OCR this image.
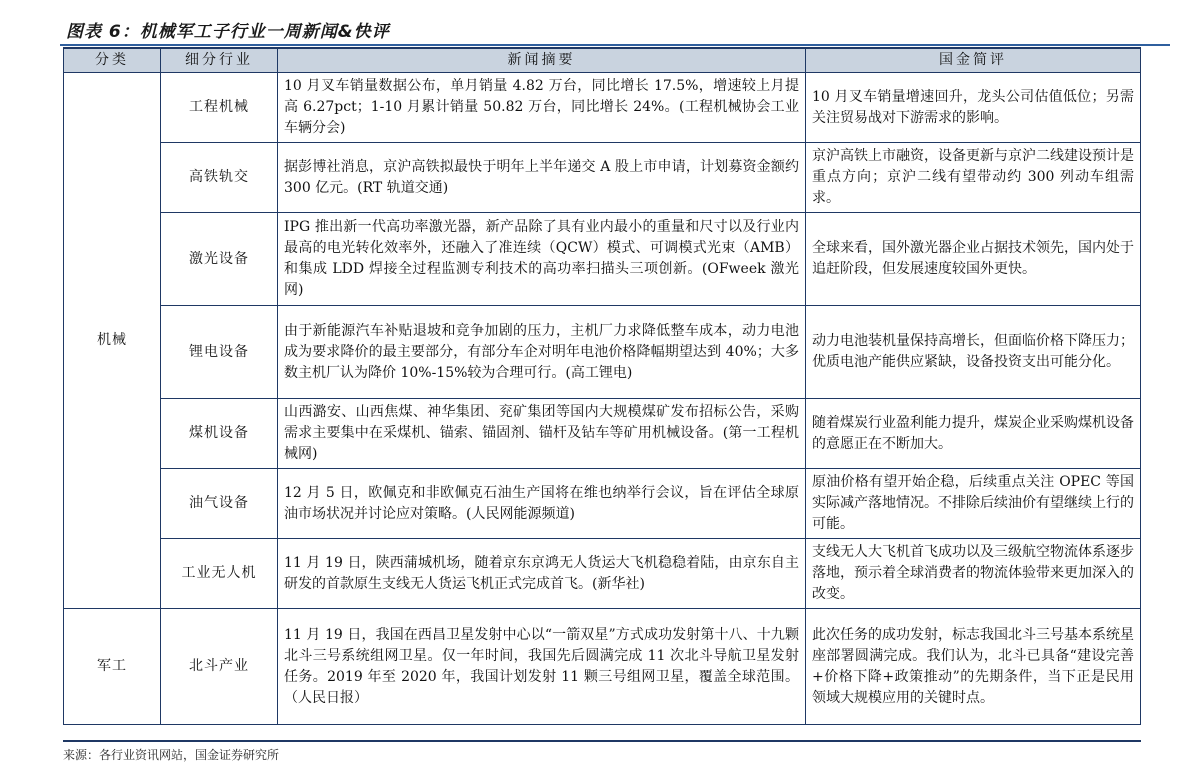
图表 6：机械军工子行业一周新闻&快评
分类	细分行业	新闻摘要	国金简评
机械	工程机械	10 月叉车销量数据公布，单月销量 4.82 万台，同比增长 17.5%，增速较上月提高 6.27pct；1-10 月累计销量 50.82 万台，同比增长 24%。(工程机械协会工业车辆分会)	10 月叉车销量增速回升，龙头公司估值低位；另需关注贸易战对下游需求的影响。
	高铁轨交	据彭博社消息，京沪高铁拟最快于明年上半年递交 A 股上市申请，计划募资金额约 300 亿元。(RT 轨道交通)	京沪高铁上市融资，设备更新与京沪二线建设预计是重点方向；京沪二线有望带动约 300 列动车组需求。
	激光设备	IPG 推出新一代高功率激光器，新产品除了具有业内最小的重量和尺寸以及行业内最高的电光转化效率外，还融入了准连续（QCW）模式、可调模式光束（AMB）和集成 LDD 焊接全过程监测专利技术的高功率扫描头三项创新。(OFweek 激光网)	全球来看，国外激光器企业占据技术领先，国内处于追赶阶段，但发展速度较国外更快。
	锂电设备	由于新能源汽车补贴退坡和竞争加剧的压力，主机厂力求降低整车成本，动力电池成为要求降价的最主要部分，有部分车企对明年电池价格降幅期望达到 40%；大多数主机厂认为降价 10%-15%较为合理可行。(高工锂电)	动力电池装机量保持高增长，但面临价格下降压力；优质电池产能供应紧缺，设备投资支出可能分化。
	煤机设备	山西潞安、山西焦煤、神华集团、兖矿集团等国内大规模煤矿发布招标公告，采购需求主要集中在采煤机、锚索、锚固剂、锚杆及钻车等矿用机械设备。(第一工程机械网)	随着煤炭行业盈利能力提升，煤炭企业采购煤机设备的意愿正在不断加大。
	油气设备	12 月 5 日，欧佩克和非欧佩克石油生产国将在维也纳举行会议，旨在评估全球原油市场状况并讨论应对策略。(人民网能源频道)	原油价格有望开始企稳，后续重点关注 OPEC 等国实际减产落地情况。不排除后续油价有望继续上行的可能。
	工业无人机	11 月 19 日，陕西蒲城机场，随着京东京鸿无人货运大飞机稳稳着陆，由京东自主研发的首款原生支线无人货运飞机正式完成首飞。(新华社)	支线无人大飞机首飞成功以及三级航空物流体系逐步落地，预示着全球消费者的物流体验带来更加深入的改变。
军工	北斗产业	11 月 19 日，我国在西昌卫星发射中心以“一箭双星”方式成功发射第十八、十九颗北斗三号系统组网卫星。仅一年时间，我国先后圆满完成 11 次北斗导航卫星发射任务。2019 年至 2020 年，我国计划发射 11 颗三号组网卫星，覆盖全球范围。（人民日报）	此次任务的成功发射，标志我国北斗三号基本系统星座部署圆满完成。我们认为，北斗已具备“建设完善+价格下降+政策推动”的先期条件，当下正是民用领域大规模应用的关键时点。
来源：各行业资讯网站，国金证券研究所
